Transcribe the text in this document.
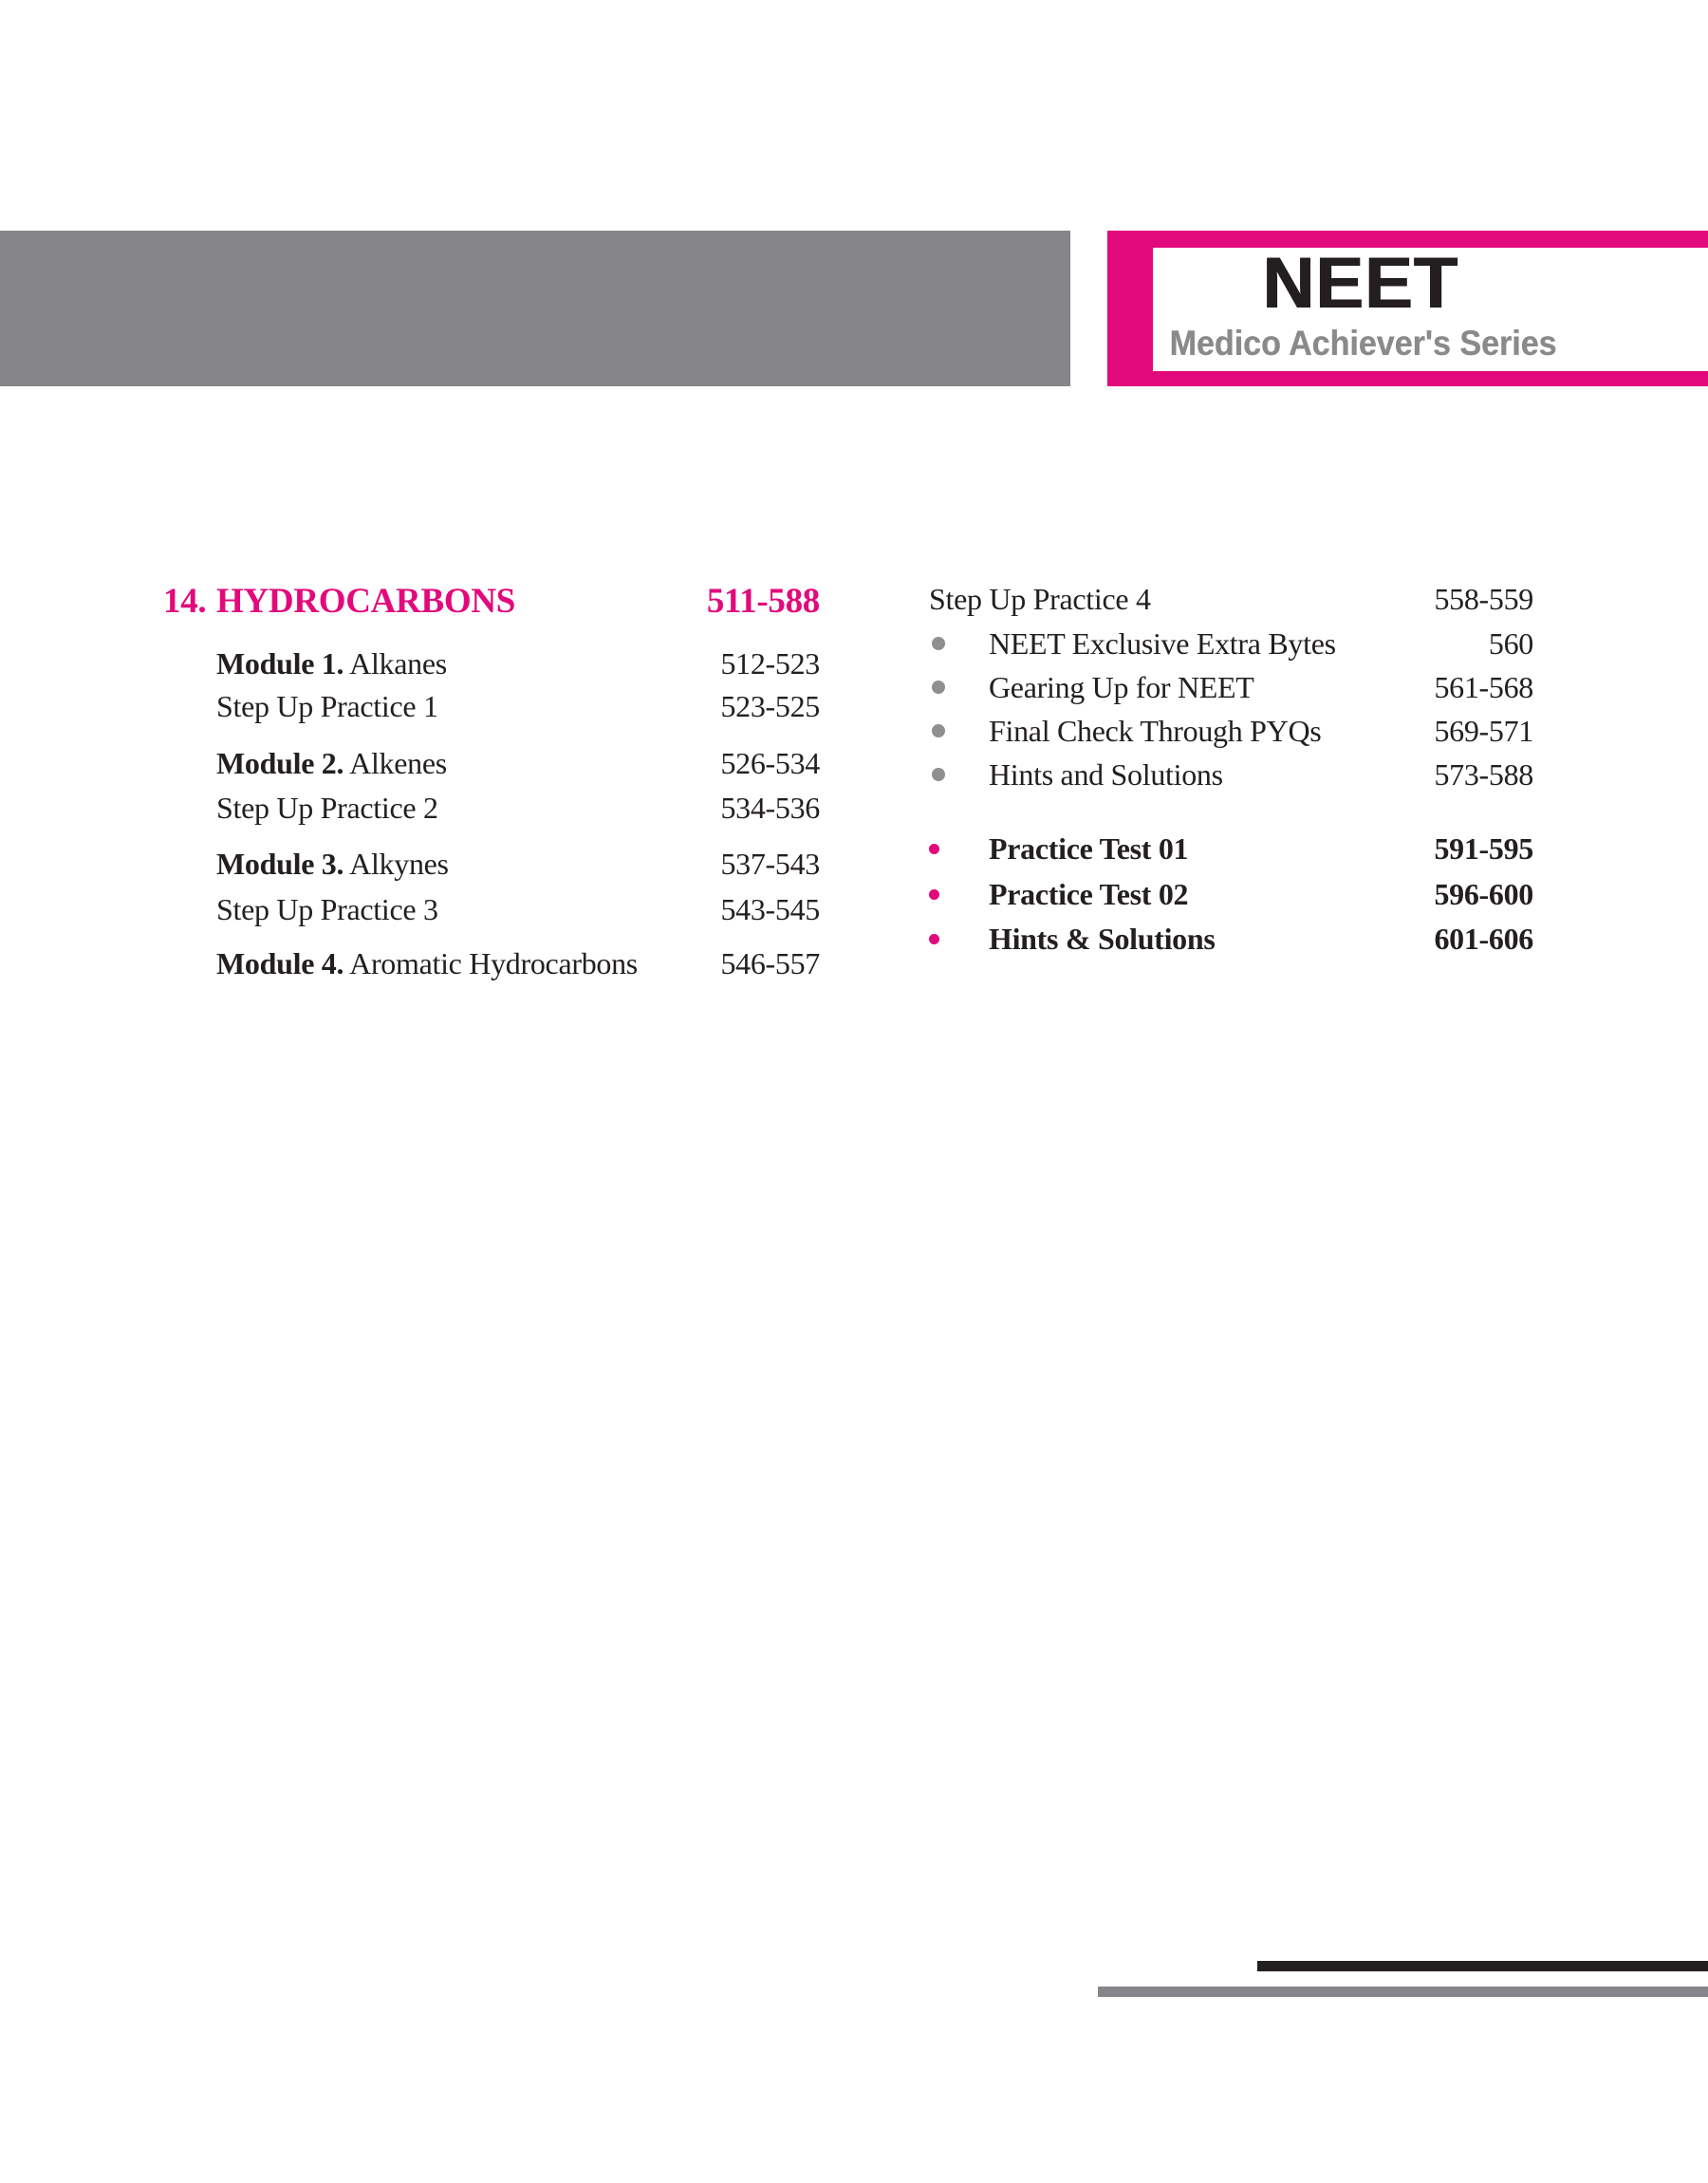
NEET
Medico Achiever's Series
14. HYDROCARBONS	511-588
Module 1. Alkanes	512-523
Step Up Practice 1	523-525
Module 2. Alkenes	526-534
Step Up Practice 2	534-536
Module 3. Alkynes	537-543
Step Up Practice 3	543-545
Module 4. Aromatic Hydrocarbons	546-557
Step Up Practice 4	558-559
NEET Exclusive Extra Bytes	560
Gearing Up for NEET	561-568
Final Check Through PYQs	569-571
Hints and Solutions	573-588
Practice Test 01	591-595
Practice Test 02	596-600
Hints & Solutions	601-606
